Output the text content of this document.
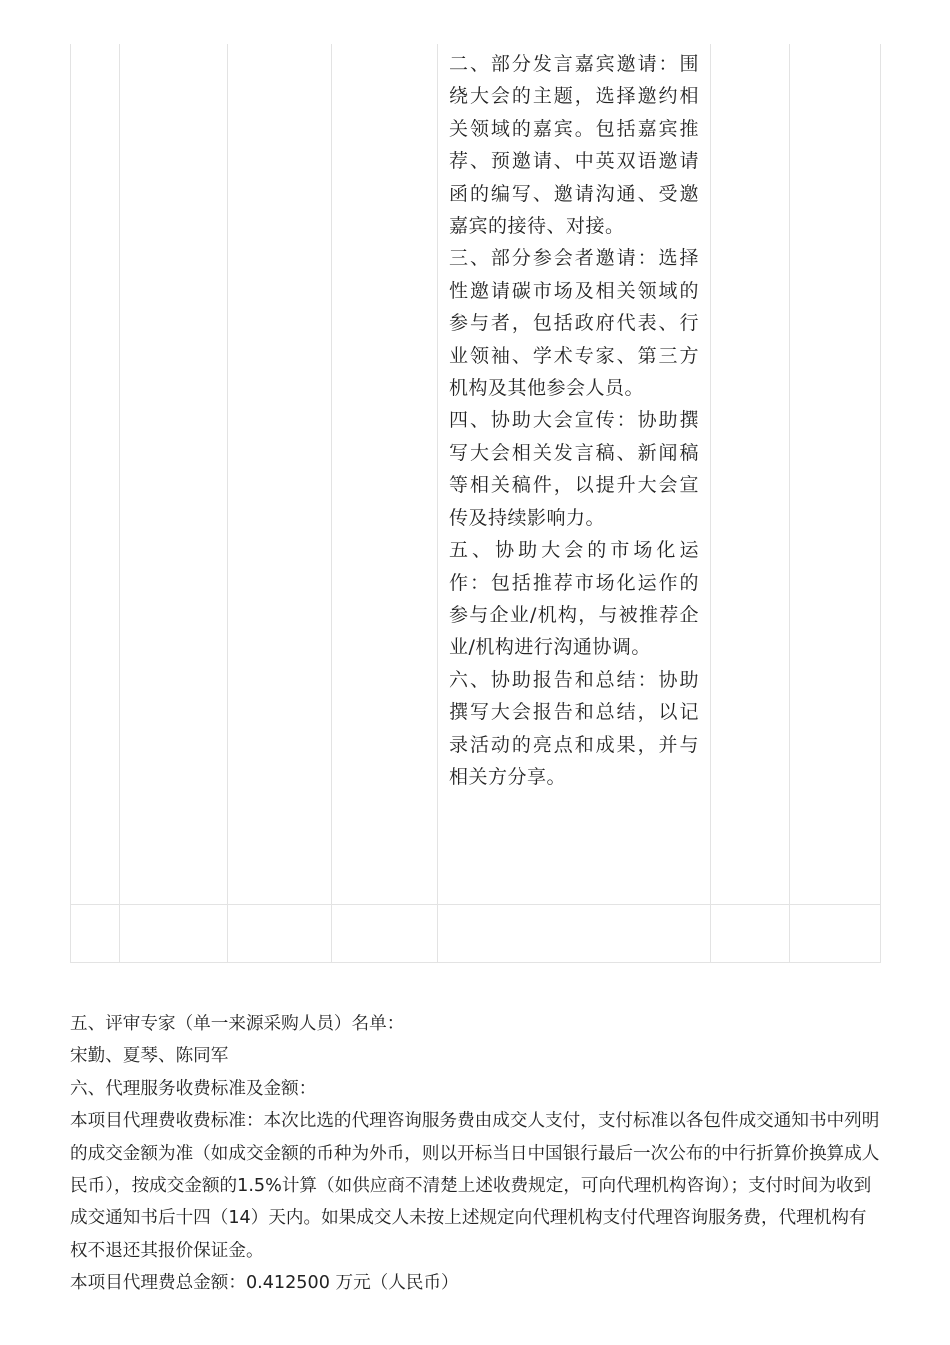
				二、部分发言嘉宾邀请：围绕大会的主题，选择邀约相关领域的嘉宾。包括嘉宾推荐、预邀请、中英双语邀请函的编写、邀请沟通、受邀嘉宾的接待、对接。

三、部分参会者邀请：选择性邀请碳市场及相关领域的参与者，包括政府代表、行业领袖、学术专家、第三方机构及其他参会人员。

四、协助大会宣传：协助撰写大会相关发言稿、新闻稿等相关稿件，以提升大会宣传及持续影响力。

五、协助大会的市场化运作：包括推荐市场化运作的参与企业/机构，与被推荐企业/机构进行沟通协调。

六、协助报告和总结：协助撰写大会报告和总结，以记录活动的亮点和成果，并与相关方分享。		

五、评审专家（单一来源采购人员）名单：

宋勤、夏琴、陈同军

六、代理服务收费标准及金额：

本项目代理费收费标准：本次比选的代理咨询服务费由成交人支付，支付标准以各包件成交通知书中列明的成交金额为准（如成交金额的币种为外币，则以开标当日中国银行最后一次公布的中行折算价换算成人民币），按成交金额的1.5%计算（如供应商不清楚上述收费规定，可向代理机构咨询）；支付时间为收到成交通知书后十四（14）天内。如果成交人未按上述规定向代理机构支付代理咨询服务费，代理机构有权不退还其报价保证金。

本项目代理费总金额：0.412500 万元（人民币）
